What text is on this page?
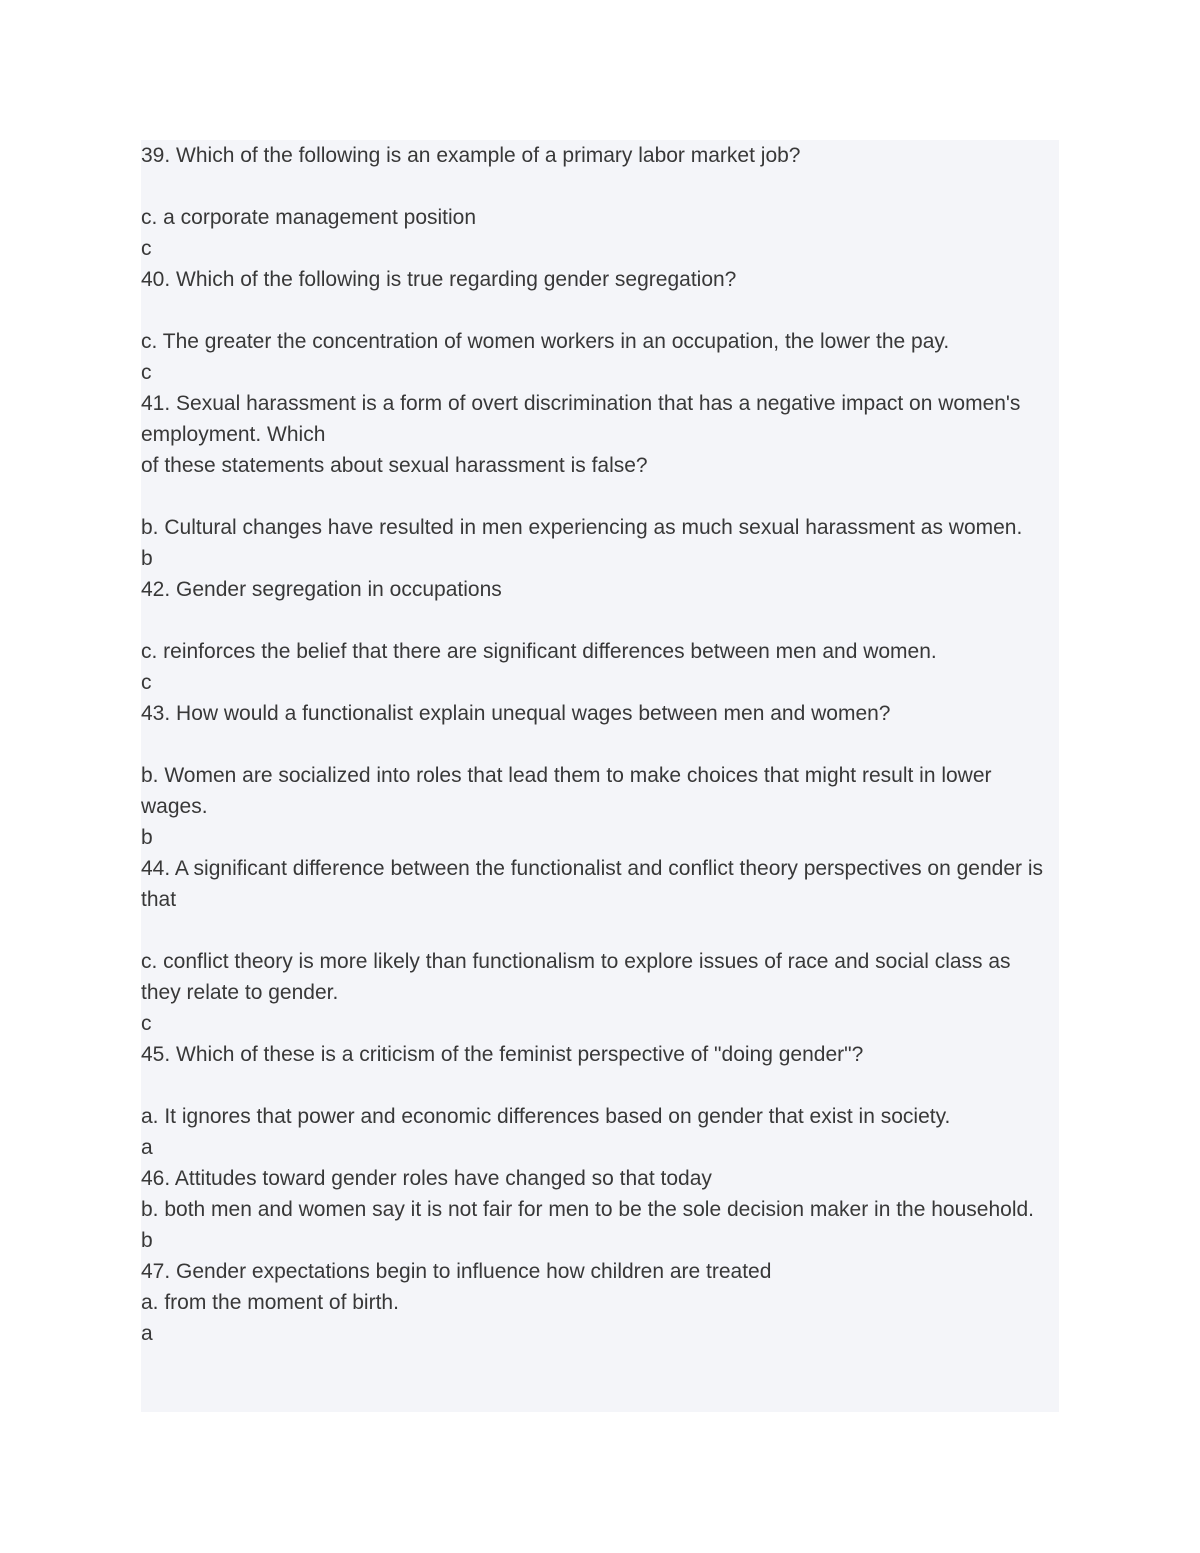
39. Which of the following is an example of a primary labor market job?
c. a corporate management position
c
40. Which of the following is true regarding gender segregation?
c. The greater the concentration of women workers in an occupation, the lower the pay.
c
41. Sexual harassment is a form of overt discrimination that has a negative impact on women's employment. Which
of these statements about sexual harassment is false?
b. Cultural changes have resulted in men experiencing as much sexual harassment as women.
b
42. Gender segregation in occupations
c. reinforces the belief that there are significant differences between men and women.
c
43. How would a functionalist explain unequal wages between men and women?
b. Women are socialized into roles that lead them to make choices that might result in lower wages.
b
44. A significant difference between the functionalist and conflict theory perspectives on gender is that
c. conflict theory is more likely than functionalism to explore issues of race and social class as they relate to gender.
c
45. Which of these is a criticism of the feminist perspective of "doing gender"?
a. It ignores that power and economic differences based on gender that exist in society.
a
46. Attitudes toward gender roles have changed so that today
b. both men and women say it is not fair for men to be the sole decision maker in the household.
b
47. Gender expectations begin to influence how children are treated
a. from the moment of birth.
a
